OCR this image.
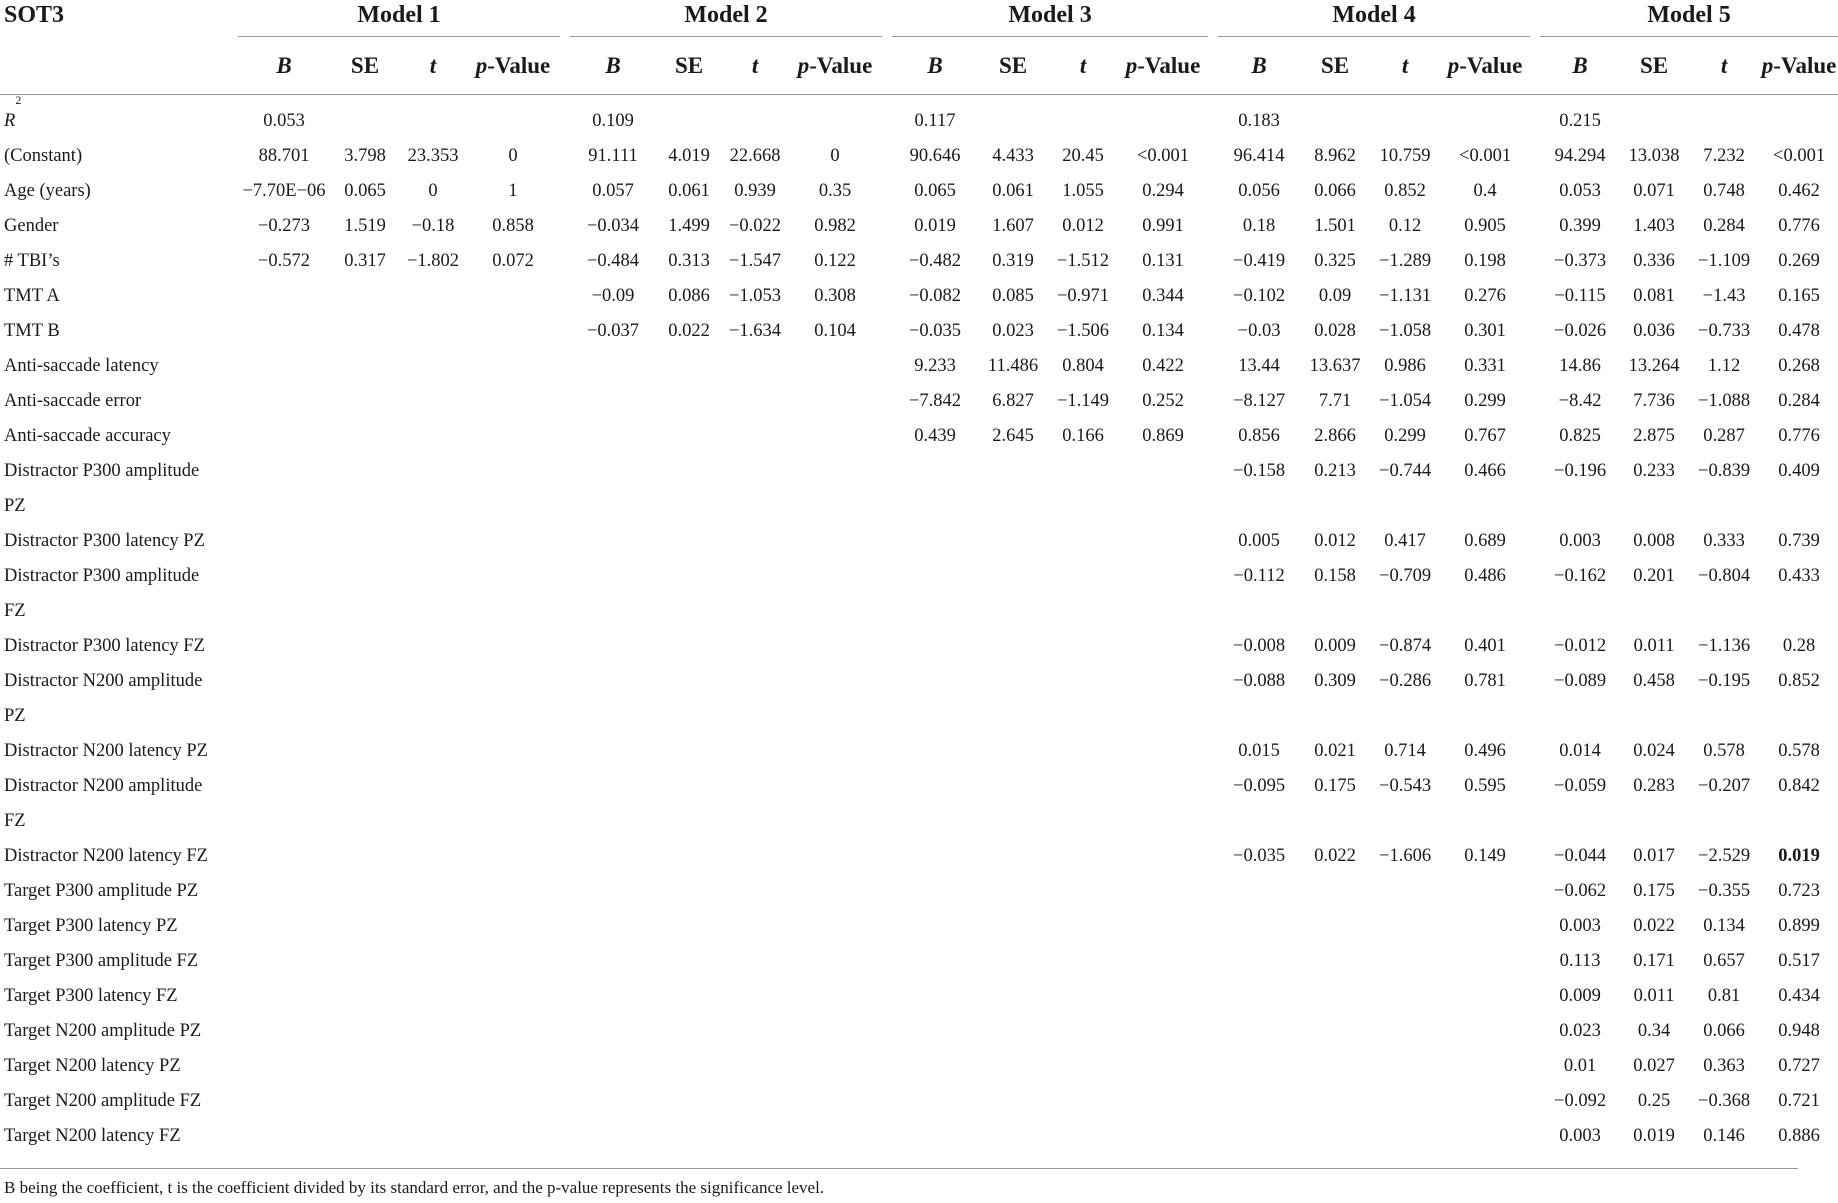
SOT3	Model 1					Model 2					Model 3					Model 4					Model 5			
	B	SE	t	p-Value		B	SE	t	p-Value		B	SE	t	p-Value		B	SE	t	p-Value		B	SE	t	p-Value

$R^2$	0.053					0.109					0.117					0.183					0.215			
(Constant)	88.701	3.798	23.353	0		91.111	4.019	22.668	0		90.646	4.433	20.45	<0.001		96.414	8.962	10.759	<0.001		94.294	13.038	7.232	<0.001
Age (years)	−7.70E−06	0.065	0	1		0.057	0.061	0.939	0.35		0.065	0.061	1.055	0.294		0.056	0.066	0.852	0.4		0.053	0.071	0.748	0.462
Gender	−0.273	1.519	−0.18	0.858		−0.034	1.499	−0.022	0.982		0.019	1.607	0.012	0.991		0.18	1.501	0.12	0.905		0.399	1.403	0.284	0.776
# TBI’s	−0.572	0.317	−1.802	0.072		−0.484	0.313	−1.547	0.122		−0.482	0.319	−1.512	0.131		−0.419	0.325	−1.289	0.198		−0.373	0.336	−1.109	0.269
TMT A						−0.09	0.086	−1.053	0.308		−0.082	0.085	−0.971	0.344		−0.102	0.09	−1.131	0.276		−0.115	0.081	−1.43	0.165
TMT B						−0.037	0.022	−1.634	0.104		−0.035	0.023	−1.506	0.134		−0.03	0.028	−1.058	0.301		−0.026	0.036	−0.733	0.478
Anti-saccade latency											9.233	11.486	0.804	0.422		13.44	13.637	0.986	0.331		14.86	13.264	1.12	0.268
Anti-saccade error											−7.842	6.827	−1.149	0.252		−8.127	7.71	−1.054	0.299		−8.42	7.736	−1.088	0.284
Anti-saccade accuracy											0.439	2.645	0.166	0.869		0.856	2.866	0.299	0.767		0.825	2.875	0.287	0.776
Distractor P300 amplitude																−0.158	0.213	−0.744	0.466		−0.196	0.233	−0.839	0.409
PZ																								
Distractor P300 latency PZ																0.005	0.012	0.417	0.689		0.003	0.008	0.333	0.739
Distractor P300 amplitude																−0.112	0.158	−0.709	0.486		−0.162	0.201	−0.804	0.433
FZ																								
Distractor P300 latency FZ																−0.008	0.009	−0.874	0.401		−0.012	0.011	−1.136	0.28
Distractor N200 amplitude																−0.088	0.309	−0.286	0.781		−0.089	0.458	−0.195	0.852
PZ																								
Distractor N200 latency PZ																0.015	0.021	0.714	0.496		0.014	0.024	0.578	0.578
Distractor N200 amplitude																−0.095	0.175	−0.543	0.595		−0.059	0.283	−0.207	0.842
FZ																								
Distractor N200 latency FZ																−0.035	0.022	−1.606	0.149		−0.044	0.017	−2.529	0.019
Target P300 amplitude PZ																					−0.062	0.175	−0.355	0.723
Target P300 latency PZ																					0.003	0.022	0.134	0.899
Target P300 amplitude FZ																					0.113	0.171	0.657	0.517
Target P300 latency FZ																					0.009	0.011	0.81	0.434
Target N200 amplitude PZ																					0.023	0.34	0.066	0.948
Target N200 latency PZ																					0.01	0.027	0.363	0.727
Target N200 amplitude FZ																					−0.092	0.25	−0.368	0.721
Target N200 latency FZ																					0.003	0.019	0.146	0.886
B being the coefficient, t is the coefficient divided by its standard error, and the p-value represents the significance level.
